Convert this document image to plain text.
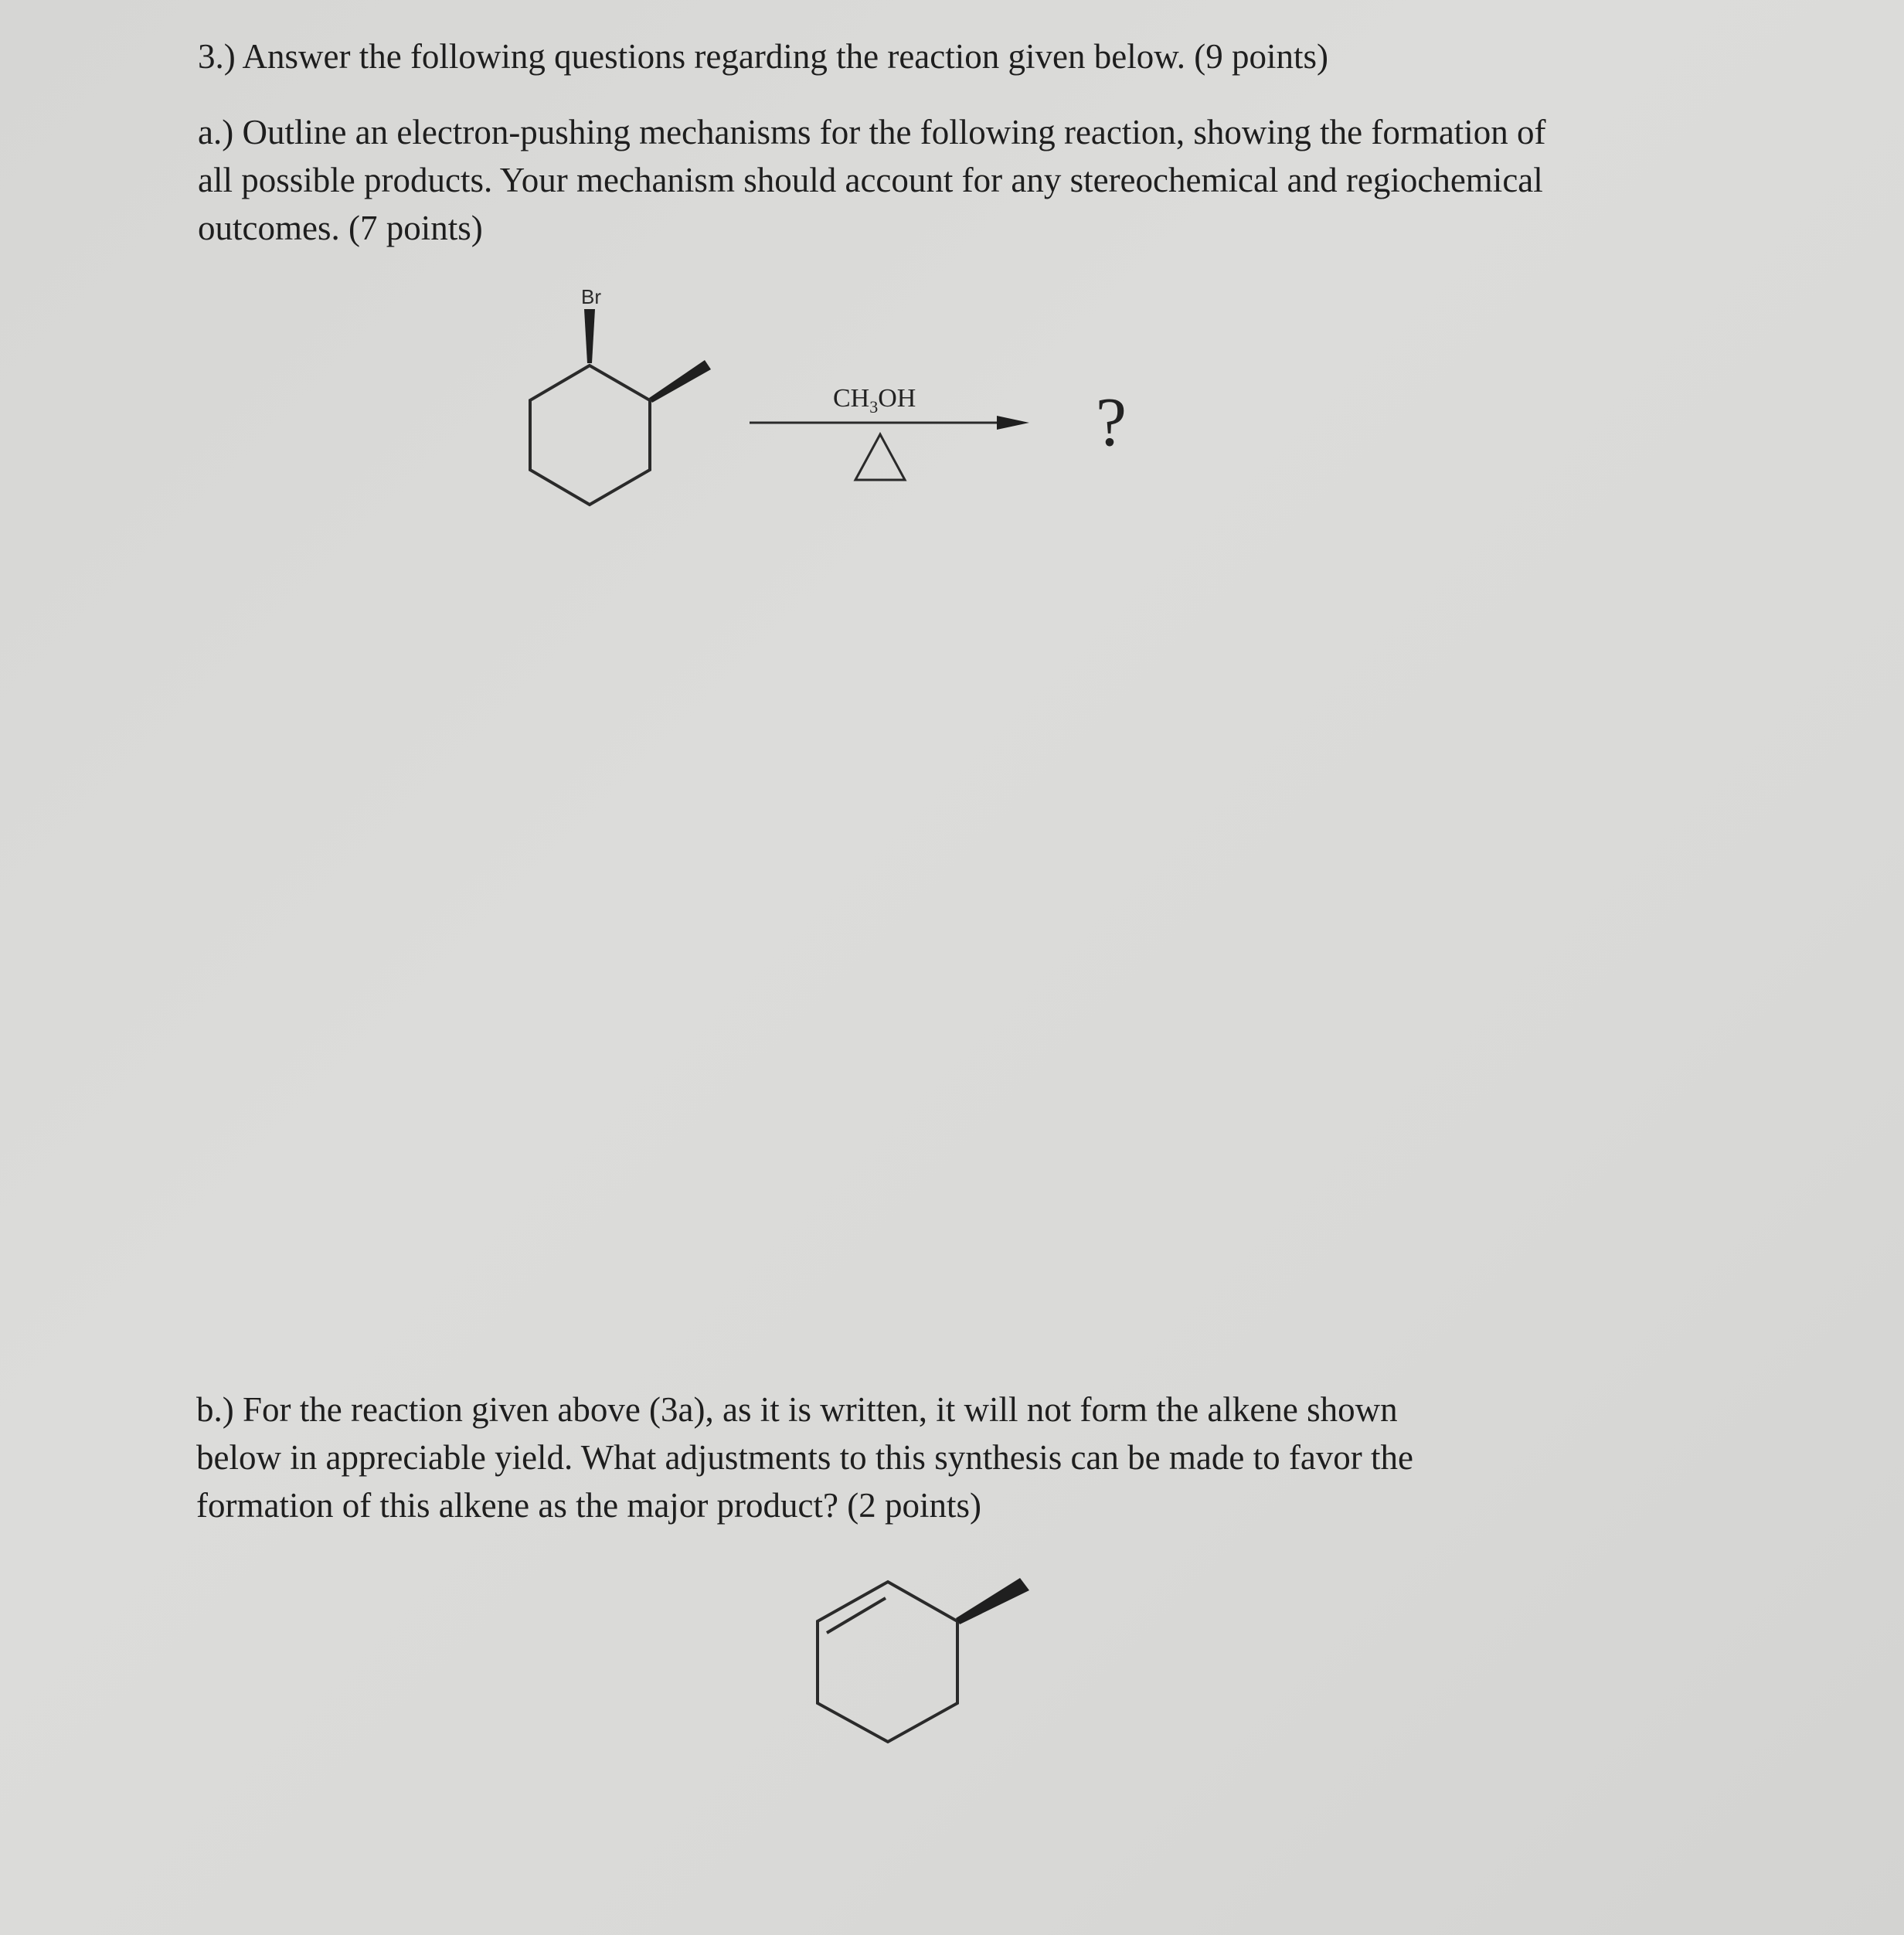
3.) Answer the following questions regarding the reaction given below. (9 points)
a.) Outline an electron-pushing mechanisms for the following reaction, showing the formation of
all possible products. Your mechanism should account for any stereochemical and regiochemical
outcomes. (7 points)
Br
$CH_3OH$	?
b.) For the reaction given above (3a), as it is written, it will not form the alkene shown
below in appreciable yield. What adjustments to this synthesis can be made to favor the
formation of this alkene as the major product? (2 points)
